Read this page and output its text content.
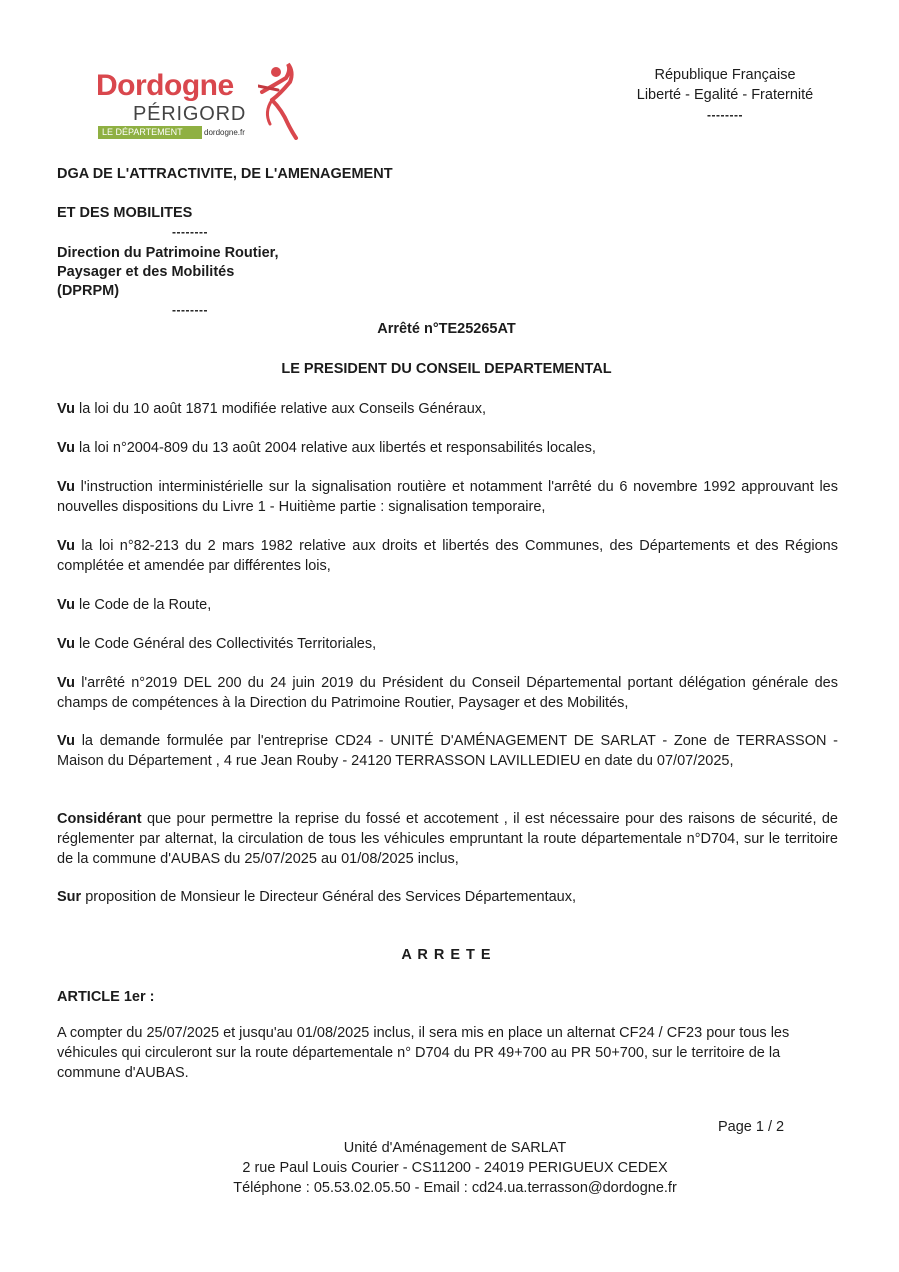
Dordogne
PÉRIGORD
LE DÉPARTEMENT	dordogne.fr
République Française
Liberté - Egalité - Fraternité
--------
DGA DE L'ATTRACTIVITE, DE L'AMENAGEMENT
ET DES MOBILITES
--------
Direction du Patrimoine Routier,
Paysager et des Mobilités
(DPRPM)
--------
Arrêté n°TE25265AT
LE PRESIDENT DU CONSEIL DEPARTEMENTAL
Vu la loi du 10 août 1871 modifiée relative aux Conseils Généraux,
Vu la loi n°2004-809 du 13 août 2004 relative aux libertés et responsabilités locales,
Vu l'instruction interministérielle sur la signalisation routière et notamment l'arrêté du 6 novembre 1992 approuvant les nouvelles dispositions du Livre 1 - Huitième partie : signalisation temporaire,
Vu la loi n°82-213 du 2 mars 1982 relative aux droits et libertés des Communes, des Départements et des Régions complétée et amendée par différentes lois,
Vu le Code de la Route,
Vu le Code Général des Collectivités Territoriales,
Vu l'arrêté n°2019 DEL 200 du 24 juin 2019 du Président du Conseil Départemental portant délégation générale des champs de compétences à la Direction du Patrimoine Routier, Paysager et des Mobilités,
Vu la demande formulée par l'entreprise CD24 - UNITÉ D'AMÉNAGEMENT DE SARLAT - Zone de TERRASSON - Maison du Département , 4 rue Jean Rouby - 24120 TERRASSON LAVILLEDIEU en date du 07/07/2025,
Considérant que pour permettre la reprise du fossé et accotement , il est nécessaire pour des raisons de sécurité, de réglementer par alternat, la circulation de tous les véhicules empruntant la route départementale n°D704, sur le territoire de la commune d'AUBAS du 25/07/2025 au 01/08/2025 inclus,
Sur proposition de Monsieur le Directeur Général des Services Départementaux,
A R R E T E
ARTICLE 1er :
A compter du 25/07/2025 et jusqu'au 01/08/2025 inclus, il sera mis en place un alternat CF24 / CF23 pour tous les véhicules qui circuleront sur la route départementale n° D704 du PR 49+700 au PR 50+700, sur le territoire de la commune d'AUBAS.
Page 1 / 2
Unité d'Aménagement de SARLAT
2 rue Paul Louis Courier - CS11200 - 24019 PERIGUEUX CEDEX
Téléphone : 05.53.02.05.50 - Email : cd24.ua.terrasson@dordogne.fr
